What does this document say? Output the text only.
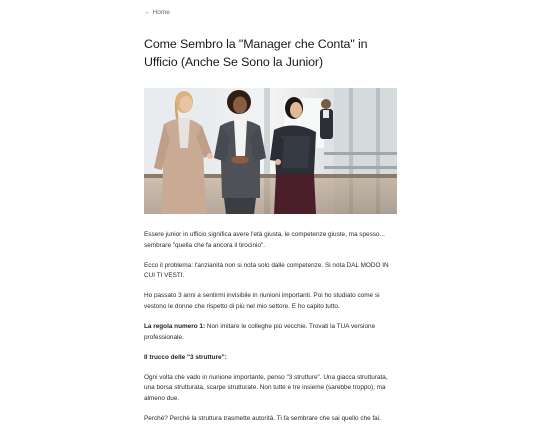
← Home
Come Sembro la "Manager che Conta" in Ufficio (Anche Se Sono la Junior)

Essere junior in ufficio significa avere l'età giusta, le competenze giuste, ma spesso... sembrare "quella che fa ancora il tirocinio".

Ecco il problema: l'anzianità non si nota solo dalle competenze. Si nota DAL MODO IN CUI TI VESTI.

Ho passato 3 anni a sentirmi invisibile in riunioni importanti. Poi ho studiato come si vestono le donne che rispetto di più nel mio settore. E ho capito tutto.

La regola numero 1: Non imitare le colleghe più vecchie. Trovati la TUA versione professionale.

Il trucco delle "3 strutture":

Ogni volta che vado in riunione importante, penso "3 strutture". Una giacca strutturata, una borsa strutturata, scarpe strutturate. Non tutte e tre insieme (sarebbe troppo), ma almeno due.

Perché? Perché la struttura trasmette autorità. Ti fa sembrare che sai quello che fai,
